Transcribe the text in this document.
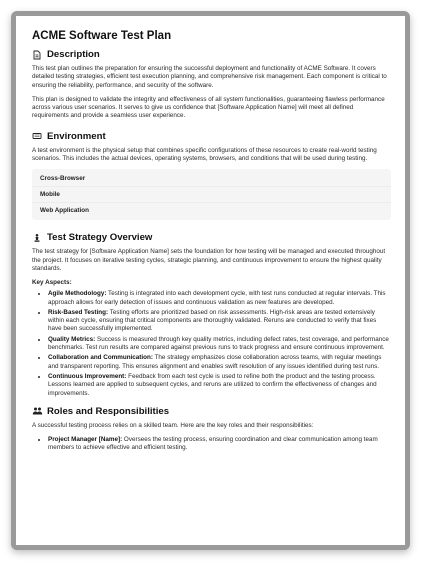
ACME Software Test Plan
Description

This test plan outlines the preparation for ensuring the successful deployment and functionality of ACME Software. It covers detailed testing strategies, efficient test execution planning, and comprehensive risk management. Each component is critical to ensuring the reliability, performance, and security of the software.

This plan is designed to validate the integrity and effectiveness of all system functionalities, guaranteeing flawless performance across various user scenarios. It serves to give us confidence that [Software Application Name] will meet all defined requirements and provide a seamless user experience.

Environment

A test environment is the physical setup that combines specific configurations of these resources to create real-world testing scenarios. This includes the actual devices, operating systems, browsers, and conditions that will be used during testing.

Cross-Browser
Mobile
Web Application
Test Strategy Overview

The test strategy for [Software Application Name] sets the foundation for how testing will be managed and executed throughout the project. It focuses on iterative testing cycles, strategic planning, and continuous improvement to ensure the highest quality standards.

Key Aspects:
• Agile Methodology: Testing is integrated into each development cycle, with test runs conducted at regular intervals. This approach allows for early detection of issues and continuous validation as new features are developed.
• Risk-Based Testing: Testing efforts are prioritized based on risk assessments. High-risk areas are tested extensively within each cycle, ensuring that critical components are thoroughly validated. Reruns are conducted to verify that fixes have been successfully implemented.
• Quality Metrics: Success is measured through key quality metrics, including defect rates, test coverage, and performance benchmarks. Test run results are compared against previous runs to track progress and ensure continuous improvement.
• Collaboration and Communication: The strategy emphasizes close collaboration across teams, with regular meetings and transparent reporting. This ensures alignment and enables swift resolution of any issues identified during test runs.
• Continuous Improvement: Feedback from each test cycle is used to refine both the product and the testing process. Lessons learned are applied to subsequent cycles, and reruns are utilized to confirm the effectiveness of changes and improvements.
Roles and Responsibilities

A successful testing process relies on a skilled team. Here are the key roles and their responsibilities:

• Project Manager [Name]: Oversees the testing process, ensuring coordination and clear communication among team members to achieve effective and efficient testing.
